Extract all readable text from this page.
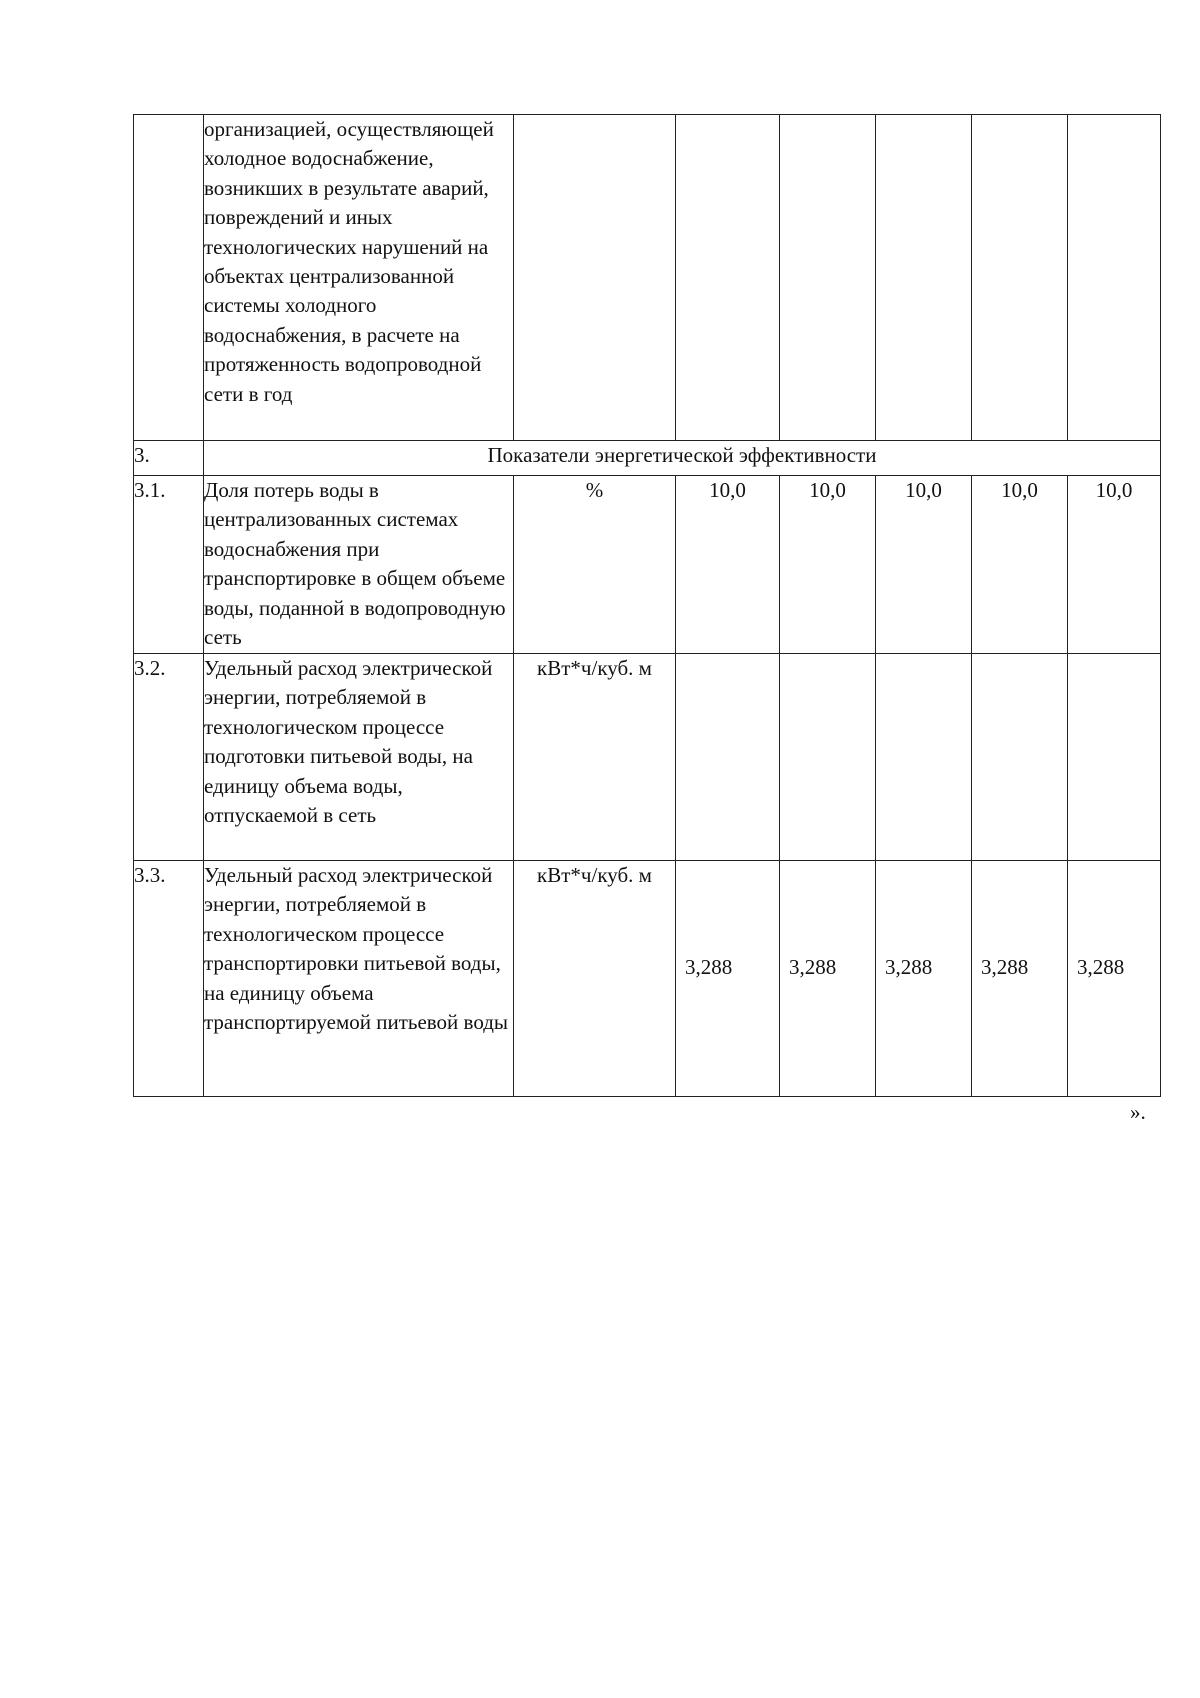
	организацией, осуществляющей холодное водоснабжение, возникших в результате аварий, повреждений и иных технологических нарушений на объектах централизованной системы холодного водоснабжения, в расчете на протяженность водопроводной сети в год						
3.	Показатели энергетической эффективности						
3.1.	Доля потерь воды в централизованных системах водоснабжения при транспортировке в общем объеме воды, поданной в водопроводную сеть	%	10,0	10,0	10,0	10,0	10,0
3.2.	Удельный расход электрической энергии, потребляемой в технологическом процессе подготовки питьевой воды, на единицу объема воды, отпускаемой в сеть	кВт*ч/куб. м					
3.3.	Удельный расход электрической энергии, потребляемой в технологическом процессе транспортировки питьевой воды, на единицу объема транспортируемой питьевой воды	кВт*ч/куб. м	3,288	3,288	3,288	3,288	3,288
».
